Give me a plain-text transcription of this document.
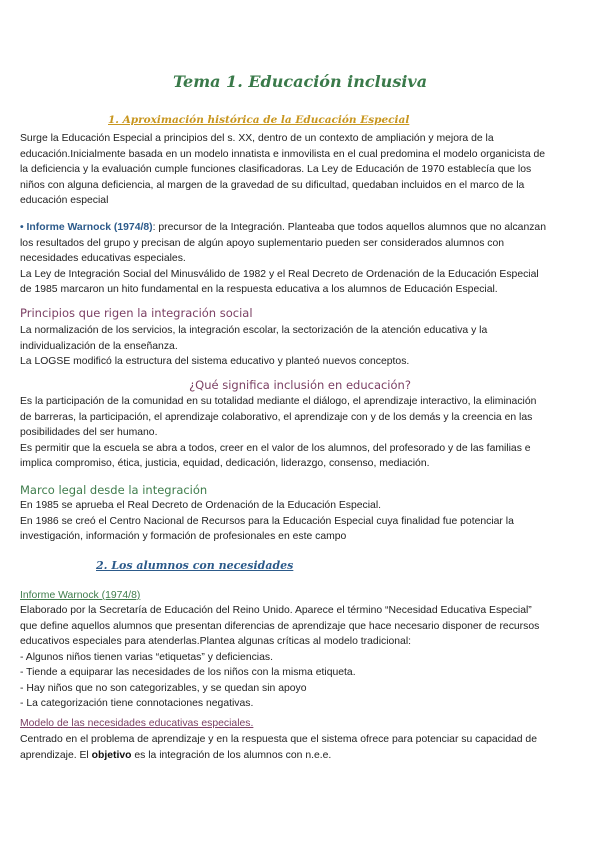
Tema 1. Educación inclusiva

1. Aproximación histórica de la Educación Especial

Surge la Educación Especial a principios del s. XX, dentro de un contexto de ampliación y mejora de la
educación.Inicialmente basada en un modelo innatista e inmovilista en el cual predomina el modelo organicista de
la deficiencia y la evaluación cumple funciones clasificadoras. La Ley de Educación de 1970 establecía que los
niños con alguna deficiencia, al margen de la gravedad de su dificultad, quedaban incluidos en el marco de la
educación especial
• Informe Warnock (1974/8): precursor de la Integración. Planteaba que todos aquellos alumnos que no alcanzan
los resultados del grupo y precisan de algún apoyo suplementario pueden ser considerados alumnos con
necesidades educativas especiales.
La Ley de Integración Social del Minusválido de 1982 y el Real Decreto de Ordenación de la Educación Especial
de 1985 marcaron un hito fundamental en la respuesta educativa a los alumnos de Educación Especial.

Principios que rigen la integración social

La normalización de los servicios, la integración escolar, la sectorización de la atención educativa y la
individualización de la enseñanza.
La LOGSE modificó la estructura del sistema educativo y planteó nuevos conceptos.

¿Qué significa inclusión en educación?

Es la participación de la comunidad en su totalidad mediante el diálogo, el aprendizaje interactivo, la eliminación
de barreras, la participación, el aprendizaje colaborativo, el aprendizaje con y de los demás y la creencia en las
posibilidades del ser humano.
Es permitir que la escuela se abra a todos, creer en el valor de los alumnos, del profesorado y de las familias e
implica compromiso, ética, justicia, equidad, dedicación, liderazgo, consenso, mediación.

Marco legal desde la integración

En 1985 se aprueba el Real Decreto de Ordenación de la Educación Especial.
En 1986 se creó el Centro Nacional de Recursos para la Educación Especial cuya finalidad fue potenciar la
investigación, información y formación de profesionales en este campo

2. Los alumnos con necesidades

Informe Warnock (1974/8)

Elaborado por la Secretaría de Educación del Reino Unido. Aparece el término “Necesidad Educativa Especial”
que define aquellos alumnos que presentan diferencias de aprendizaje que hace necesario disponer de recursos
educativos especiales para atenderlas.Plantea algunas críticas al modelo tradicional:
- Algunos niños tienen varias “etiquetas” y deficiencias.
- Tiende a equiparar las necesidades de los niños con la misma etiqueta.
- Hay niños que no son categorizables, y se quedan sin apoyo
- La categorización tiene connotaciones negativas.

Modelo de las necesidades educativas especiales.

Centrado en el problema de aprendizaje y en la respuesta que el sistema ofrece para potenciar su capacidad de
aprendizaje. El objetivo es la integración de los alumnos con n.e.e.
